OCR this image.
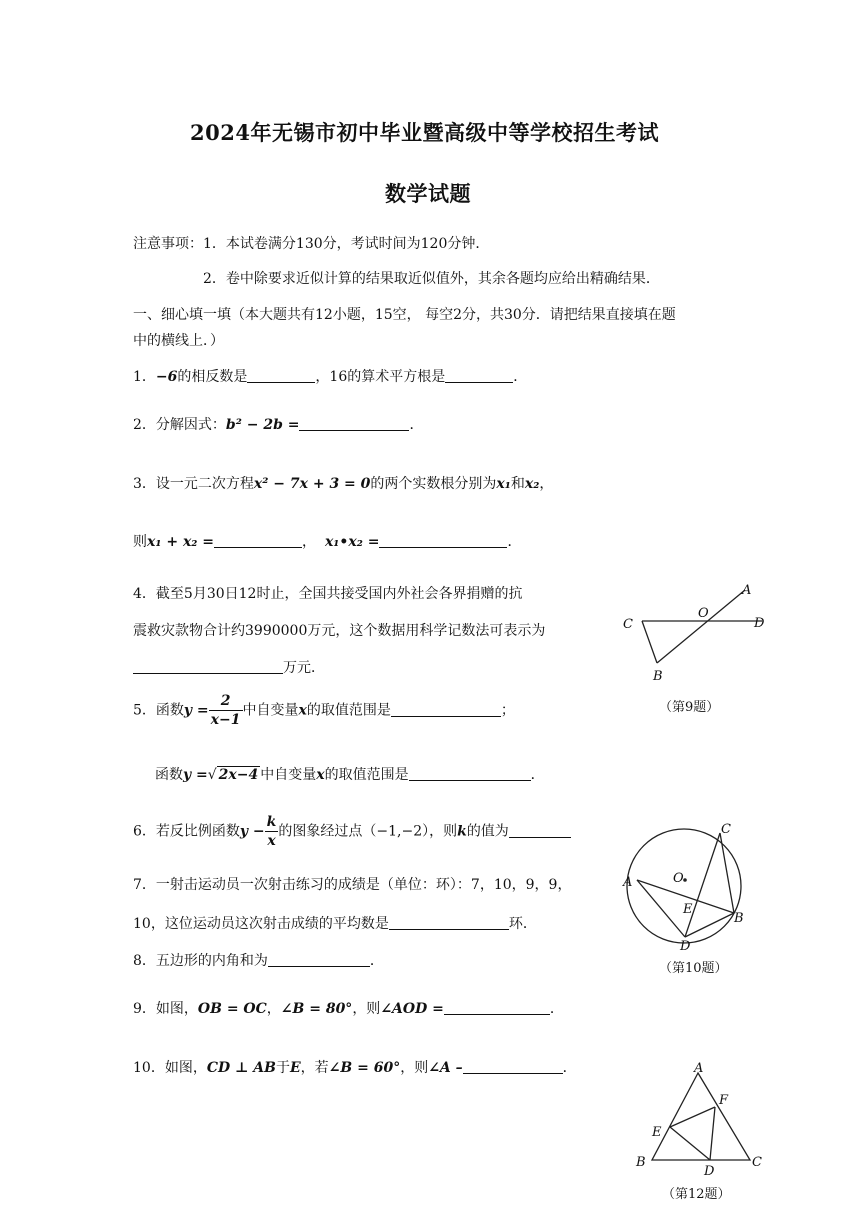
2024年无锡市初中毕业暨高级中等学校招生考试
数学试题
注意事项：1．本试卷满分130分，考试时间为120分钟．
2．卷中除要求近似计算的结果取近似值外，其余各题均应给出精确结果．
一、细心填一填（本大题共有12小题，15空， 每空2分，共30分．请把结果直接填在题
中的横线上．）
1．−6的相反数是	，16的算术平方根是	．
2．分解因式：b² − 2b =	．
3．设一元二次方程x² − 7x + 3 = 0的两个实数根分别为x₁和x₂，
则x₁ + x₂ =	， x₁•x₂ =	．
4．截至5月30日12时止，全国共接受国内外社会各界捐赠的抗
震救灾款物合计约3990000万元，这个数据用科学记数法可表示为
万元．
5．函数$y = \frac{2}{x-1}$ 中自变量x的取值范围是	；
函数y =√ 2x−4 中自变量x的取值范围是	．
6．若反比例函数$y - \frac{k}{x}$ 的图象经过点（−1,−2），则k的值为
7．一射击运动员一次射击练习的成绩是（单位：环）：7，10，9，9，
10，这位运动员这次射击成绩的平均数是	环．
8．五边形的内角和为	．
9．如图，OB = OC，∠B = 80°，则∠AOD =	．
10．如图，CD ⊥ AB于E，若∠B = 60°，则∠A –	．
A
O
D
C
B
（第9题）
C
O
A
E
B
D
（第10题）
A
F
E
B
D
C
（第12题）
